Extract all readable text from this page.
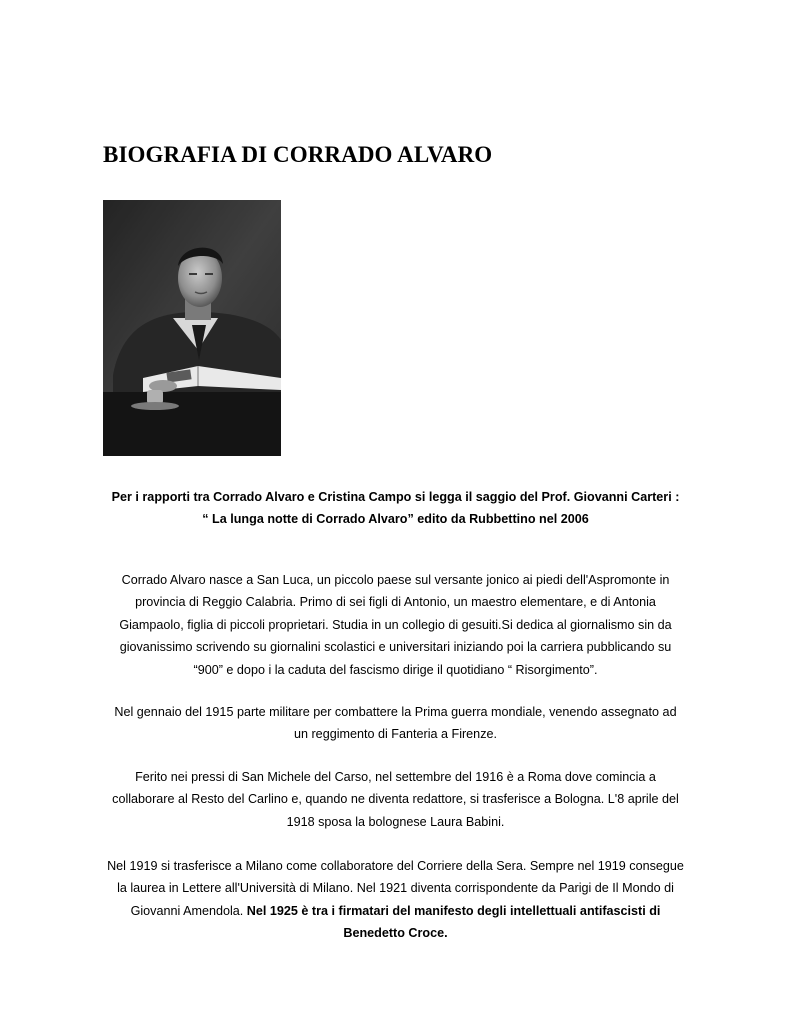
BIOGRAFIA DI CORRADO ALVARO
Per i rapporti tra Corrado Alvaro e Cristina Campo si legga il saggio del Prof. Giovanni Carteri :
“ La lunga notte di Corrado Alvaro” edito da Rubbettino nel 2006
Corrado Alvaro nasce a San Luca, un piccolo paese sul versante jonico ai piedi dell'Aspromonte in
provincia di Reggio Calabria. Primo di sei figli di Antonio, un maestro elementare, e di Antonia
Giampaolo, figlia di piccoli proprietari. Studia in un collegio di gesuiti.Si dedica al giornalismo sin da
giovanissimo scrivendo su giornalini scolastici e universitari iniziando poi la carriera pubblicando su
“900” e dopo i la caduta del fascismo dirige il quotidiano “ Risorgimento”.
Nel gennaio del 1915 parte militare per combattere la Prima guerra mondiale, venendo assegnato ad
un reggimento di Fanteria a Firenze.
Ferito nei pressi di San Michele del Carso, nel settembre del 1916 è a Roma dove comincia a
collaborare al Resto del Carlino e, quando ne diventa redattore, si trasferisce a Bologna. L'8 aprile del
1918 sposa la bolognese Laura Babini.
Nel 1919 si trasferisce a Milano come collaboratore del Corriere della Sera. Sempre nel 1919 consegue
la laurea in Lettere all'Università di Milano. Nel 1921 diventa corrispondente da Parigi de Il Mondo di
Giovanni Amendola. Nel 1925 è tra i firmatari del manifesto degli intellettuali antifascisti di
Benedetto Croce.
